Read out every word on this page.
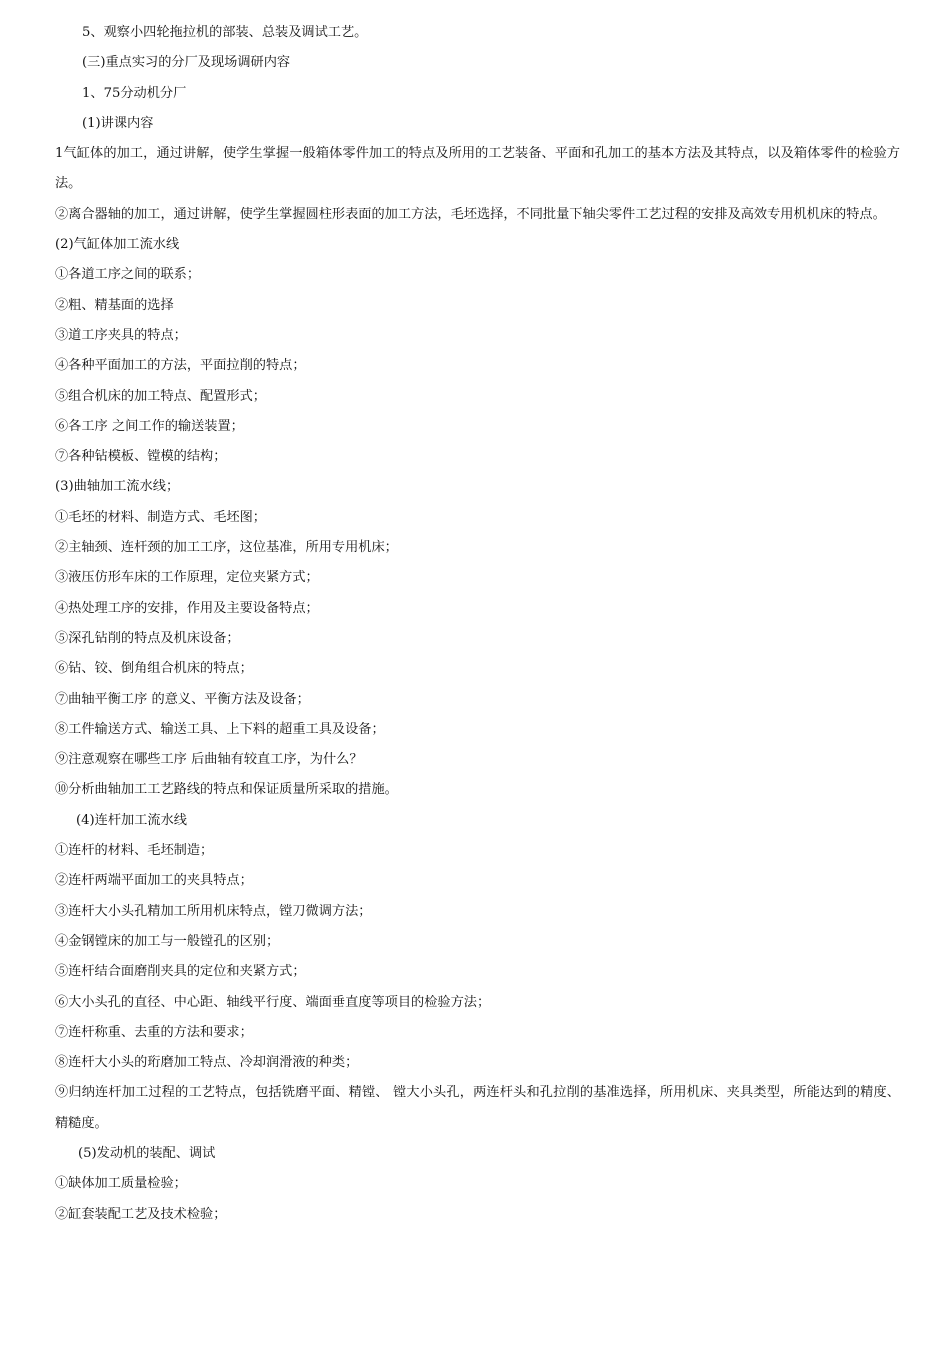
5、观察小四轮拖拉机的部装、总装及调试工艺。
(三)重点实习的分厂及现场调研内容
1、75分动机分厂
(1)讲课内容
1气缸体的加工，通过讲解，使学生掌握一般箱体零件加工的特点及所用的工艺装备、平面和孔加工的基本方法及其特点，以及箱体零件的检验方法。
②离合器轴的加工，通过讲解，使学生掌握圆柱形表面的加工方法，毛坯选择，不同批量下轴尖零件工艺过程的安排及高效专用机机床的特点。
(2)气缸体加工流水线
①各道工序之间的联系；
②粗、精基面的选择
③道工序夹具的特点；
④各种平面加工的方法，平面拉削的特点；
⑤组合机床的加工特点、配置形式；
⑥各工序 之间工作的输送装置；
⑦各种钻模板、镗模的结构；
(3)曲轴加工流水线；
①毛坯的材料、制造方式、毛坯图；
②主轴颈、连杆颈的加工工序，这位基准，所用专用机床；
③液压仿形车床的工作原理，定位夹紧方式；
④热处理工序的安排，作用及主要设备特点；
⑤深孔钻削的特点及机床设备；
⑥钻、铰、倒角组合机床的特点；
⑦曲轴平衡工序 的意义、平衡方法及设备；
⑧工件输送方式、输送工具、上下料的超重工具及设备；
⑨注意观察在哪些工序 后曲轴有较直工序，为什么？
⑩分析曲轴加工工艺路线的特点和保证质量所采取的措施。
(4)连杆加工流水线
①连杆的材料、毛坯制造；
②连杆两端平面加工的夹具特点；
③连杆大小头孔精加工所用机床特点，镗刀微调方法；
④金钢镗床的加工与一般镗孔的区别；
⑤连杆结合面磨削夹具的定位和夹紧方式；
⑥大小头孔的直径、中心距、轴线平行度、端面垂直度等项目的检验方法；
⑦连杆称重、去重的方法和要求；
⑧连杆大小头的珩磨加工特点、冷却润滑液的种类；
⑨归纳连杆加工过程的工艺特点，包括铣磨平面、精镗、 镗大小头孔，两连杆头和孔拉削的基准选择，所用机床、夹具类型，所能达到的精度、精糙度。
(5)发动机的装配、调试
①缺体加工质量检验；
②缸套装配工艺及技术检验；
